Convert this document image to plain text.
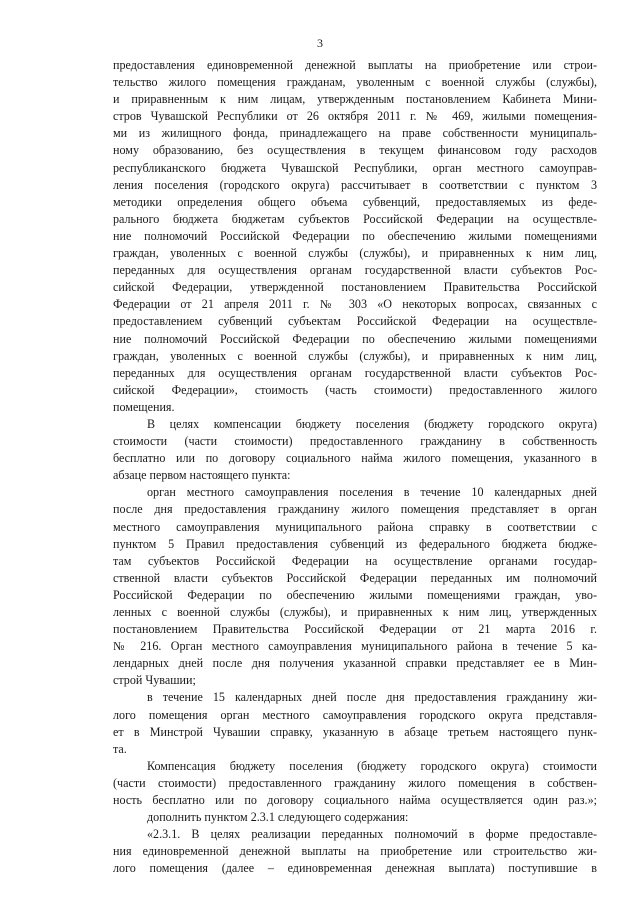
3
предоставления единовременной денежной выплаты на приобретение или строи-
тельство жилого помещения гражданам, уволенным с военной службы (службы),
и приравненным к ним лицам, утвержденным постановлением Кабинета Мини-
стров Чувашской Республики от 26 октября 2011 г. № 469, жилыми помещения-
ми из жилищного фонда, принадлежащего на праве собственности муниципаль-
ному образованию, без осуществления в текущем финансовом году расходов
республиканского бюджета Чувашской Республики, орган местного самоуправ-
ления поселения (городского округа) рассчитывает в соответствии с пунктом 3
методики определения общего объема субвенций, предоставляемых из феде-
рального бюджета бюджетам субъектов Российской Федерации на осуществле-
ние полномочий Российской Федерации по обеспечению жилыми помещениями
граждан, уволенных с военной службы (службы), и приравненных к ним лиц,
переданных для осуществления органам государственной власти субъектов Рос-
сийской Федерации, утвержденной постановлением Правительства Российской
Федерации от 21 апреля 2011 г. № 303 «О некоторых вопросах, связанных с
предоставлением субвенций субъектам Российской Федерации на осуществле-
ние полномочий Российской Федерации по обеспечению жилыми помещениями
граждан, уволенных с военной службы (службы), и приравненных к ним лиц,
переданных для осуществления органам государственной власти субъектов Рос-
сийской Федерации», стоимость (часть стоимости) предоставленного жилого
помещения.
В целях компенсации бюджету поселения (бюджету городского округа)
стоимости (части стоимости) предоставленного гражданину в собственность
бесплатно или по договору социального найма жилого помещения, указанного в
абзаце первом настоящего пункта:
орган местного самоуправления поселения в течение 10 календарных дней
после дня предоставления гражданину жилого помещения представляет в орган
местного самоуправления муниципального района справку в соответствии с
пунктом 5 Правил предоставления субвенций из федерального бюджета бюдже-
там субъектов Российской Федерации на осуществление органами государ-
ственной власти субъектов Российской Федерации переданных им полномочий
Российской Федерации по обеспечению жилыми помещениями граждан, уво-
ленных с военной службы (службы), и приравненных к ним лиц, утвержденных
постановлением Правительства Российской Федерации от 21 марта 2016 г.
№ 216. Орган местного самоуправления муниципального района в течение 5 ка-
лендарных дней после дня получения указанной справки представляет ее в Мин-
строй Чувашии;
в течение 15 календарных дней после дня предоставления гражданину жи-
лого помещения орган местного самоуправления городского округа представля-
ет в Минстрой Чувашии справку, указанную в абзаце третьем настоящего пунк-
та.
Компенсация бюджету поселения (бюджету городского округа) стоимости
(части стоимости) предоставленного гражданину жилого помещения в собствен-
ность бесплатно или по договору социального найма осуществляется один раз.»;
дополнить пунктом 2.3.1 следующего содержания:
«2.3.1. В целях реализации переданных полномочий в форме предоставле-
ния единовременной денежной выплаты на приобретение или строительство жи-
лого помещения (далее – единовременная денежная выплата) поступившие в
